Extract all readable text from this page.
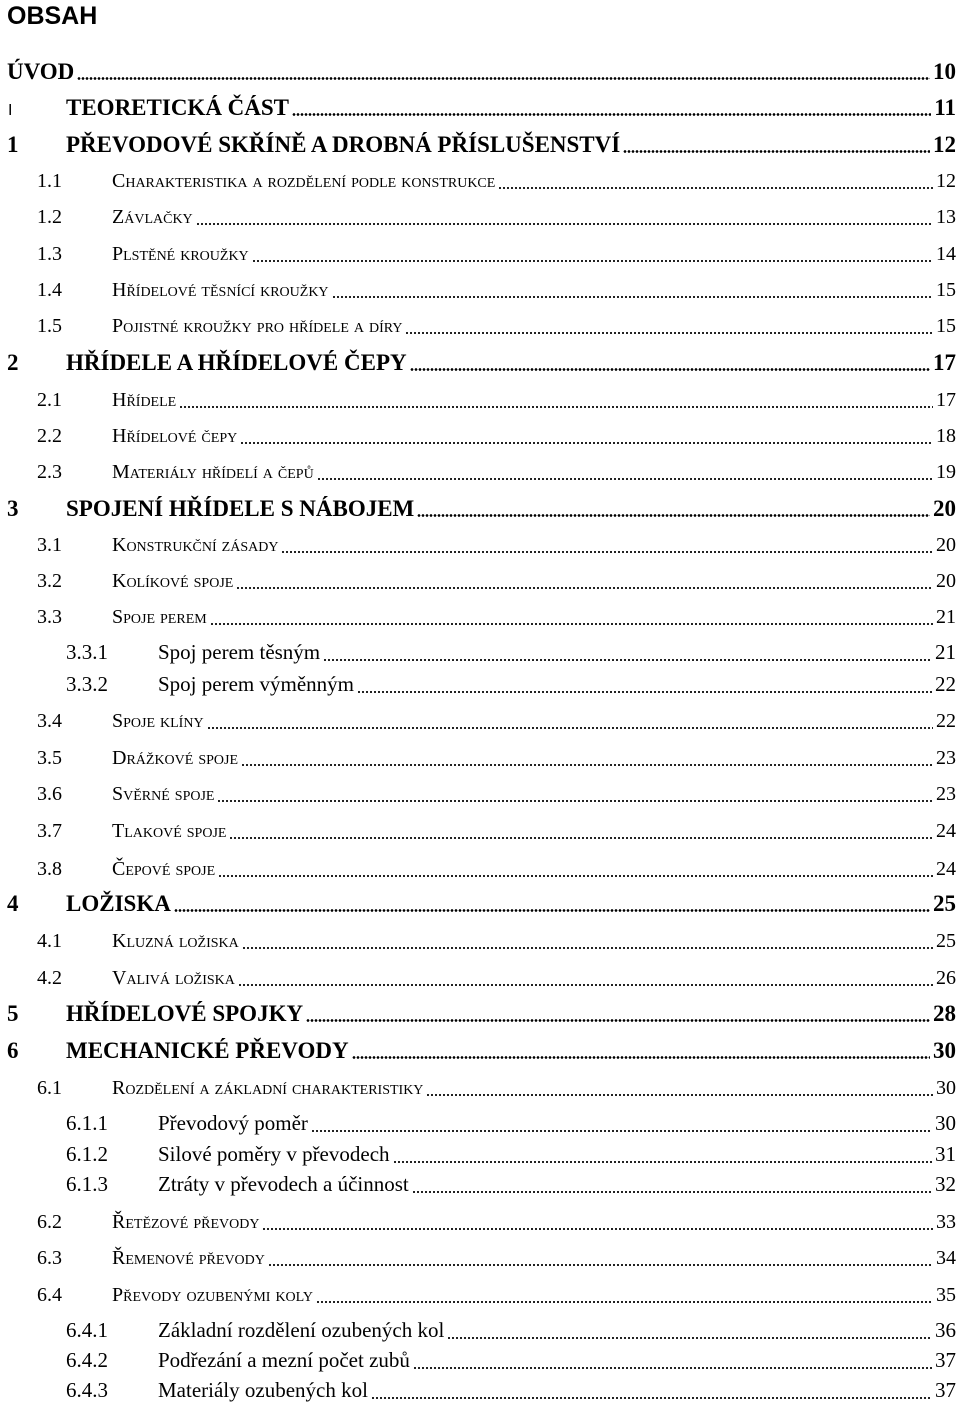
OBSAH
ÚVOD	10
I TEORETICKÁ ČÁST	11
1 PŘEVODOVÉ SKŘÍNĚ A DROBNÁ PŘÍSLUŠENSTVÍ	12
1.1	Charakteristika a rozdělení podle konstrukce	12
1.2	Závlačky	13
1.3	Plstěné kroužky	14
1.4	Hřídelové těsnící kroužky	15
1.5	Pojistné kroužky pro hřídele a díry	15
2 HŘÍDELE A HŘÍDELOVÉ ČEPY	17
2.1	Hřídele	17
2.2	Hřídelové čepy	18
2.3	Materiály hřídelí a čepů	19
3 SPOJENÍ HŘÍDELE S NÁBOJEM	20
3.1	Konstrukční zásady	20
3.2	Kolíkové spoje	20
3.3	Spoje perem	21
3.3.1 Spoj perem těsným	21
3.3.2 Spoj perem výměnným	22
3.4	Spoje klíny	22
3.5	Drážkové spoje	23
3.6	Svěrné spoje	23
3.7	Tlakové spoje	24
3.8	Čepové spoje	24
4 LOŽISKA	25
4.1	Kluzná ložiska	25
4.2	Valivá ložiska	26
5 HŘÍDELOVÉ SPOJKY	28
6 MECHANICKÉ PŘEVODY	30
6.1	Rozdělení a základní charakteristiky	30
6.1.1 Převodový poměr	30
6.1.2 Silové poměry v převodech	31
6.1.3 Ztráty v převodech a účinnost	32
6.2	Řetězové převody	33
6.3	Řemenové převody	34
6.4	Převody ozubenými koly	35
6.4.1 Základní rozdělení ozubených kol	36
6.4.2 Podřezání a mezní počet zubů	37
6.4.3 Materiály ozubených kol	37
